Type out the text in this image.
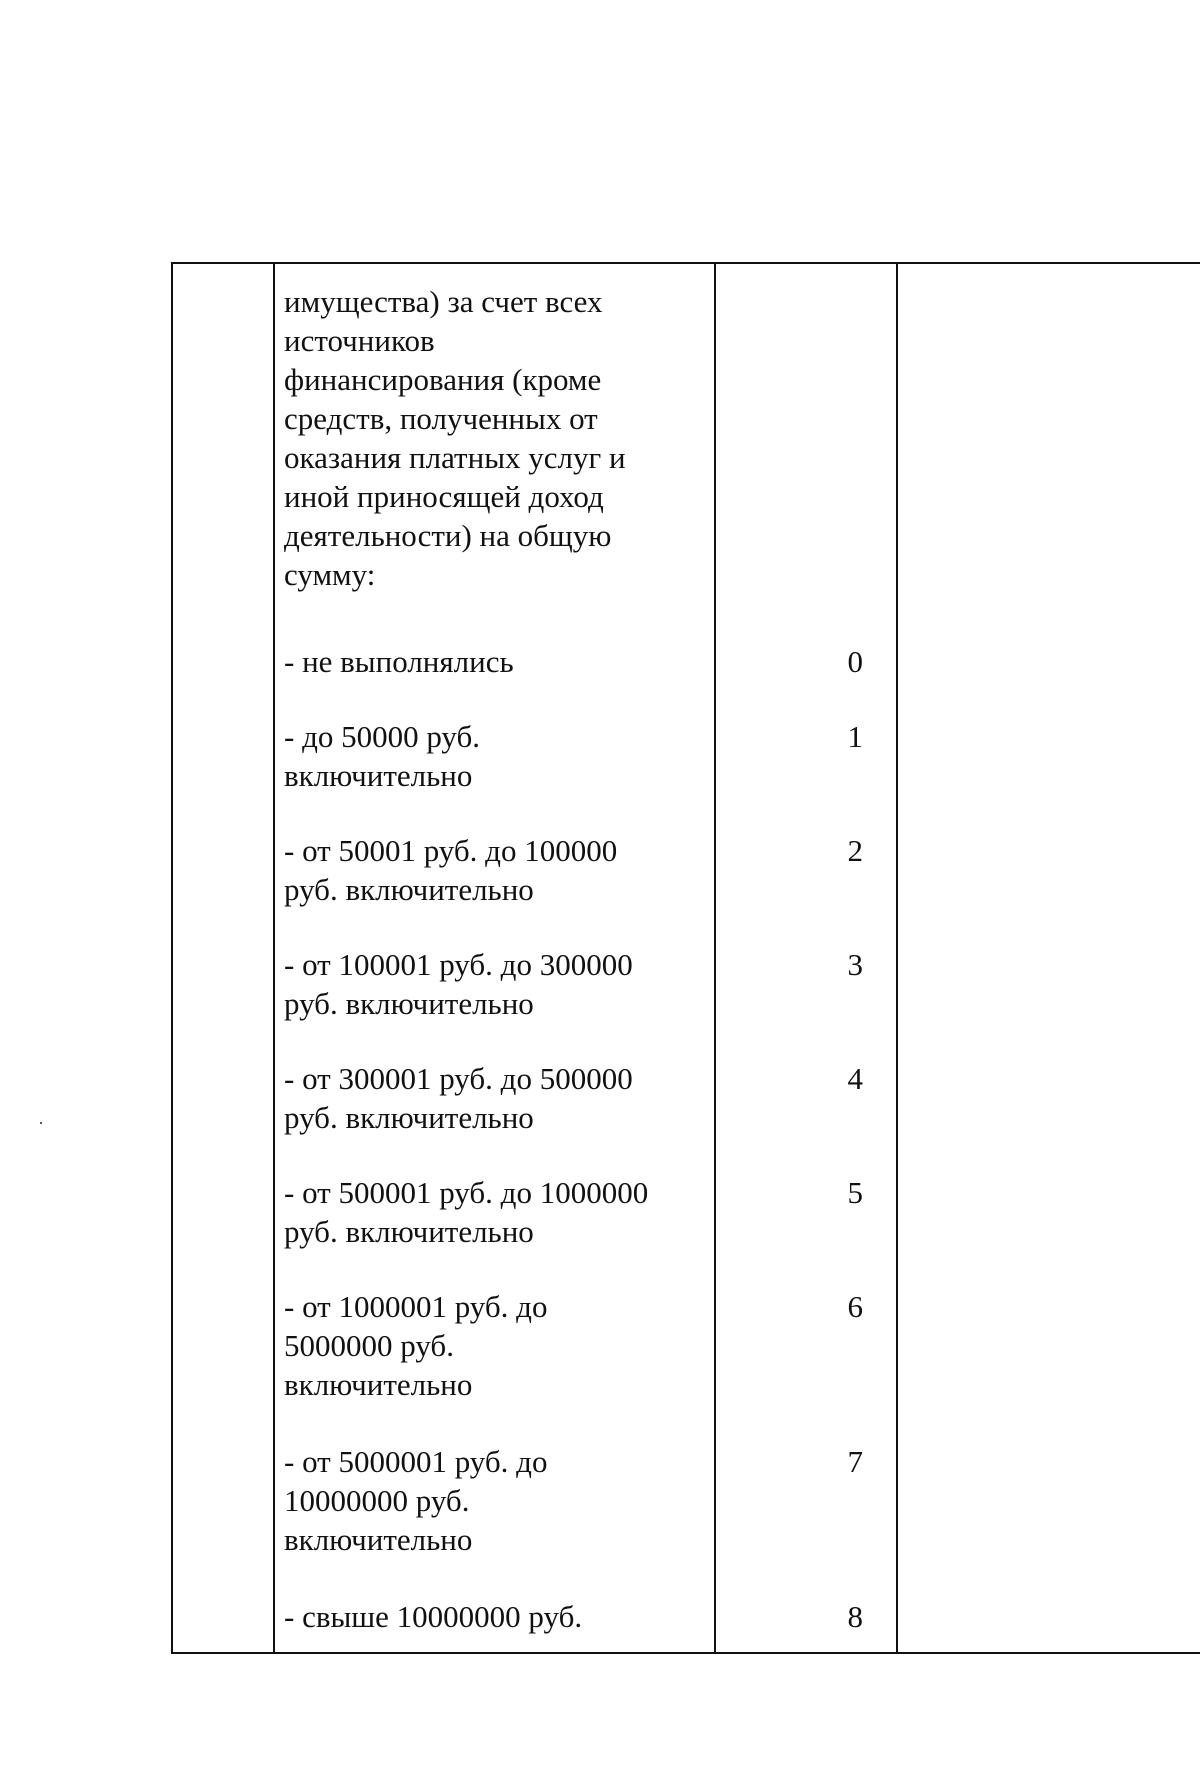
имущества) за счет всех
источников
финансирования (кроме
средств, полученных от
оказания платных услуг и
иной приносящей доход
деятельности) на общую
сумму:
- не выполнялись
- до 50000 руб.
включительно
- от 50001 руб. до 100000
руб. включительно
- от 100001 руб. до 300000
руб. включительно
- от 300001 руб. до 500000
руб. включительно
- от 500001 руб. до 1000000
руб. включительно
- от 1000001 руб. до
5000000 руб.
включительно
- от 5000001 руб. до
10000000 руб.
включительно
- свыше 10000000 руб.
0
1
2
3
4
5
6
7
8
